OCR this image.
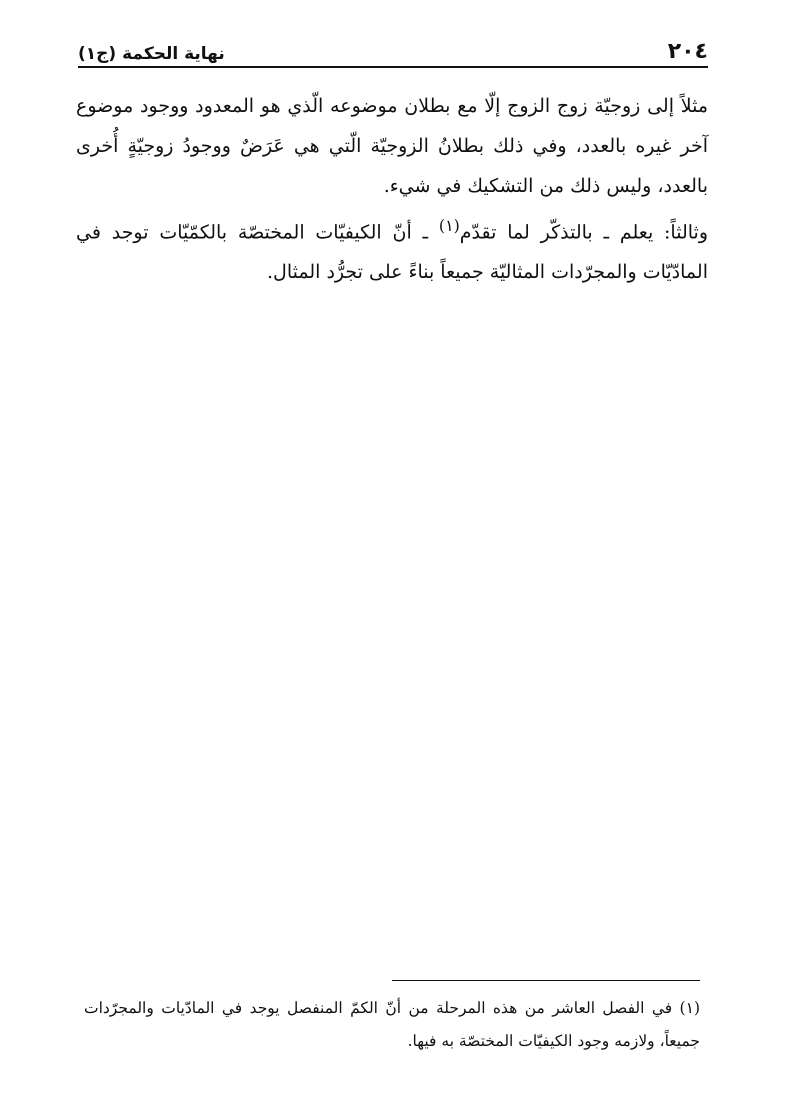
٢٠٤
نهاية الحكمة (ج١)

مثلاً إلى زوجيّة زوج الزوج إلّا مع بطلان موضوعه الّذي هو المعدود ووجود موضوع آخر غيره بالعدد، وفي ذلك بطلانُ الزوجيّة الّتي هي عَرَضٌ ووجودُ زوجيّةٍ أُخرى بالعدد، وليس ذلك من التشكيك في شيء.

وثالثاً: يعلم ـ بالتذكّر لما تقدّم$^{(١)}$ ـ أنّ الكيفيّات المختصّة بالكمّيّات توجد في المادّيّات والمجرّدات المثاليّة جميعاً بناءً على تجرُّد المثال.

(١) في الفصل العاشر من هذه المرحلة من أنّ الكمّ المنفصل يوجد في المادّيات والمجرّدات جميعاً، ولازمه وجود الكيفيّات المختصّة به فيها.
